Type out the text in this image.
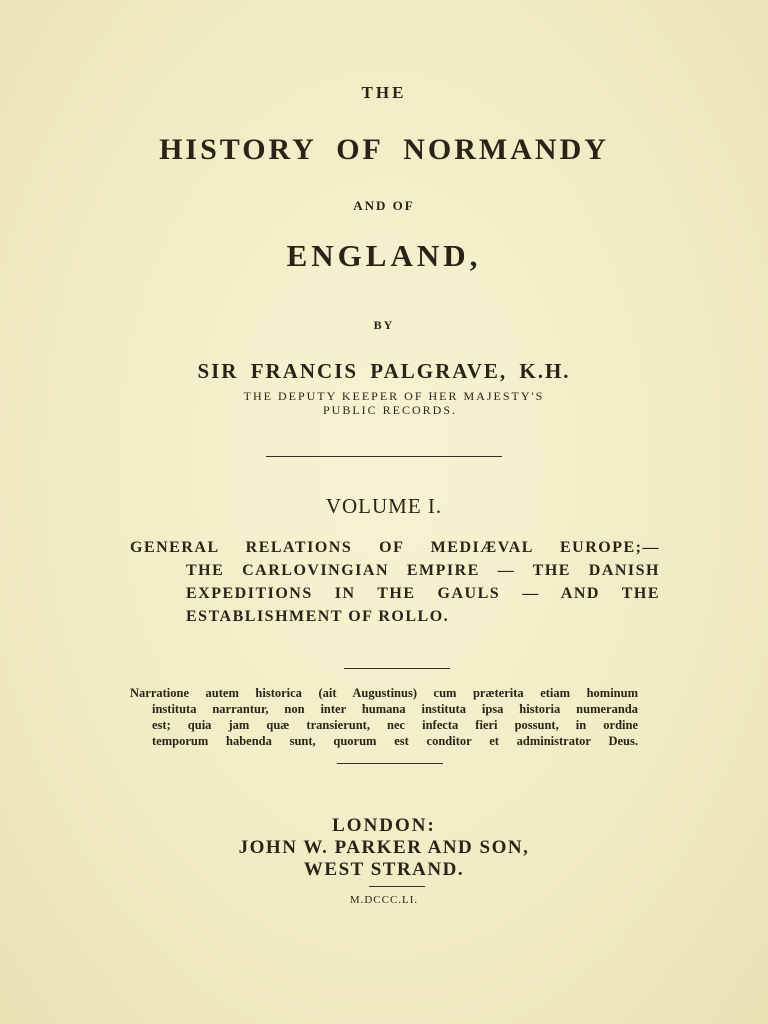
THE
HISTORY OF NORMANDY
AND OF
ENGLAND,
BY
SIR FRANCIS PALGRAVE, K.H.
THE DEPUTY KEEPER OF HER MAJESTY'S
PUBLIC RECORDS.
VOLUME I.
GENERAL RELATIONS OF MEDIÆVAL EUROPE;—
THE CARLOVINGIAN EMPIRE — THE DANISH
EXPEDITIONS IN THE GAULS — AND THE
ESTABLISHMENT OF ROLLO.
Narratione autem historica (ait Augustinus) cum præterita etiam hominum
instituta narrantur, non inter humana instituta ipsa historia numeranda
est; quia jam quæ transierunt, nec infecta fieri possunt, in ordine
temporum habenda sunt, quorum est conditor et administrator Deus.
LONDON:
JOHN W. PARKER AND SON,
WEST STRAND.
M.DCCC.LI.
